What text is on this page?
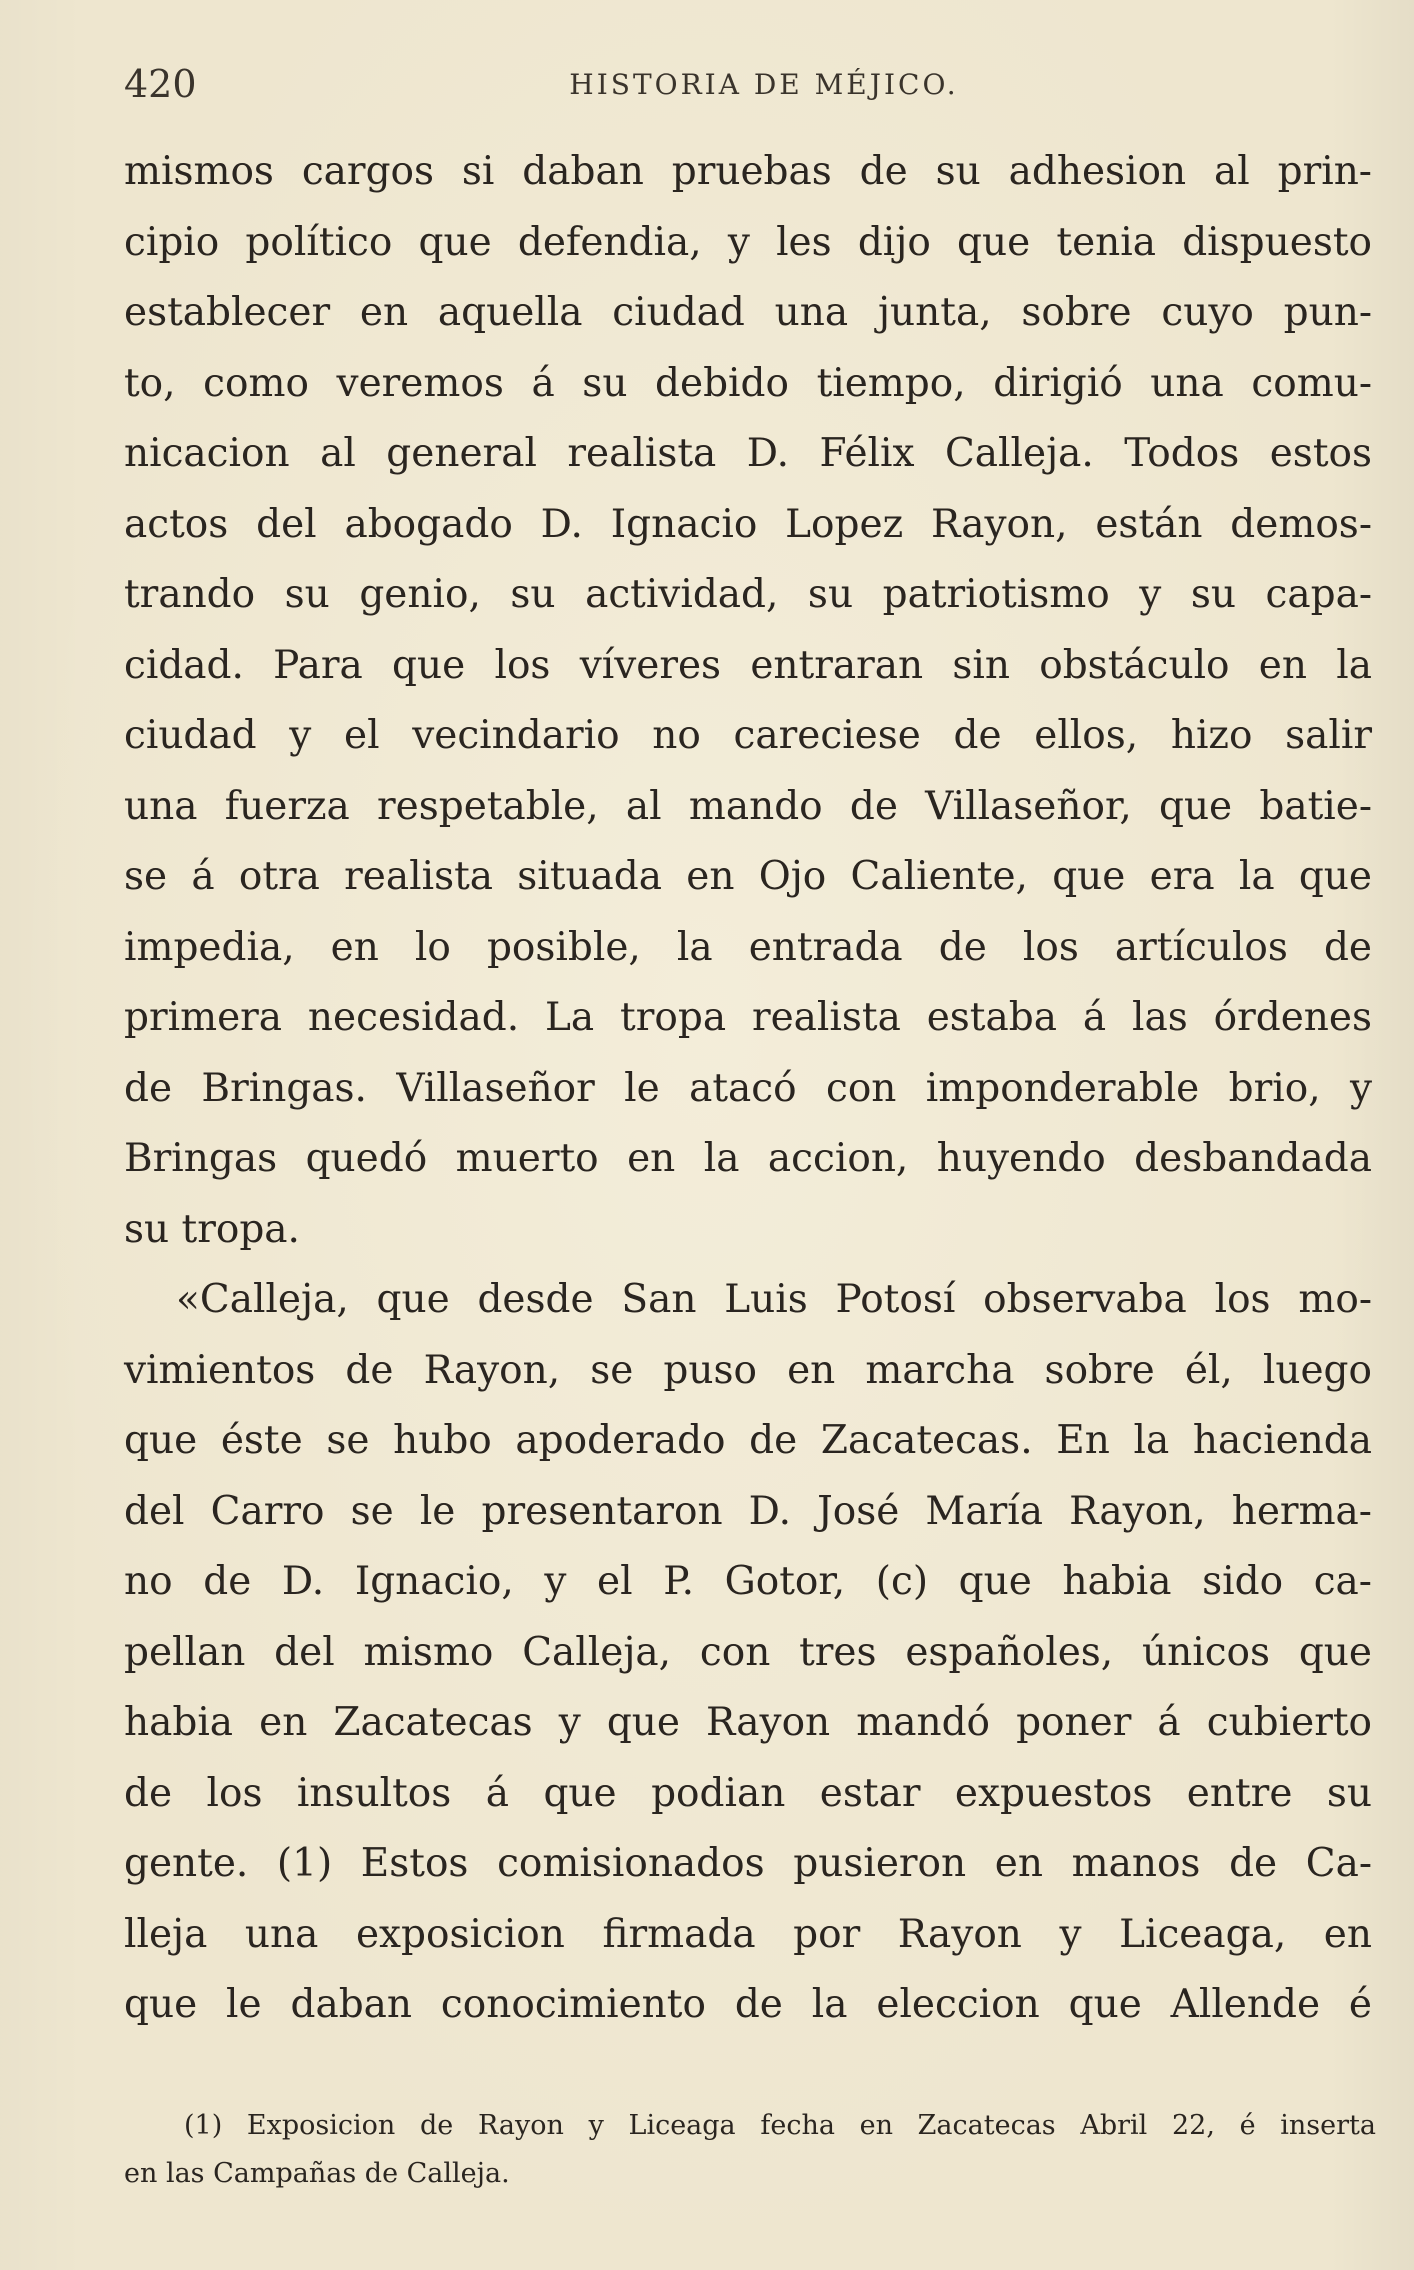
420	HISTORIA DE MÉJICO.
mismos cargos si daban pruebas de su adhesion al prin-
cipio político que defendia, y les dijo que tenia dispuesto
establecer en aquella ciudad una junta, sobre cuyo pun-
to, como veremos á su debido tiempo, dirigió una comu-
nicacion al general realista D. Félix Calleja. Todos estos
actos del abogado D. Ignacio Lopez Rayon, están demos-
trando su genio, su actividad, su patriotismo y su capa-
cidad. Para que los víveres entraran sin obstáculo en la
ciudad y el vecindario no careciese de ellos, hizo salir
una fuerza respetable, al mando de Villaseñor, que batie-
se á otra realista situada en Ojo Caliente, que era la que
impedia, en lo posible, la entrada de los artículos de
primera necesidad. La tropa realista estaba á las órdenes
de Bringas. Villaseñor le atacó con imponderable brio, y
Bringas quedó muerto en la accion, huyendo desbandada
su tropa.
«Calleja, que desde San Luis Potosí observaba los mo-
vimientos de Rayon, se puso en marcha sobre él, luego
que éste se hubo apoderado de Zacatecas. En la hacienda
del Carro se le presentaron D. José María Rayon, herma-
no de D. Ignacio, y el P. Gotor, (c) que habia sido ca-
pellan del mismo Calleja, con tres españoles, únicos que
habia en Zacatecas y que Rayon mandó poner á cubierto
de los insultos á que podian estar expuestos entre su
gente. (1) Estos comisionados pusieron en manos de Ca-
lleja una exposicion firmada por Rayon y Liceaga, en
que le daban conocimiento de la eleccion que Allende é
(1) Exposicion de Rayon y Liceaga fecha en Zacatecas Abril 22, é inserta
en las Campañas de Calleja.
